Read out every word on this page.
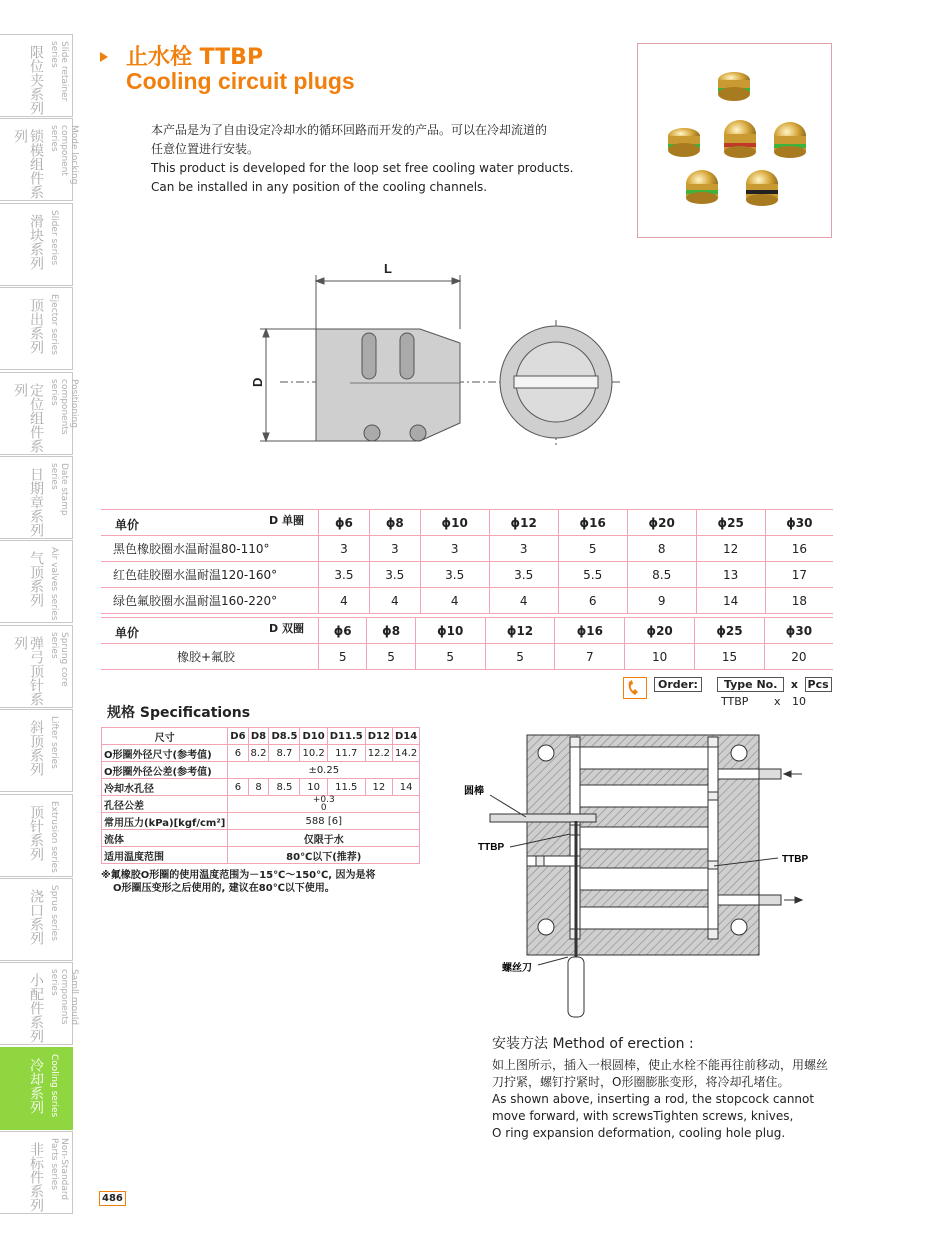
限位夹系列	Slide retainer series
锁模组件系列	Mode locking
component series
滑块系列 Slider series
顶出系列 Ejector series
定位组件系列	Positioning
components series
日期章系列	Date stamp series
气顶系列 Air valves series
弹弓顶针系列	Sprung core series
斜顶系列 Lifter series
顶针系列 Extrusion series
浇口系列 Sprue series
小配件系列	Samll mould
components series
冷却系列 Cooling series
非标件系列	Non-Standard
Parts series
止水栓 TTBP
Cooling circuit plugs
本产品是为了自由设定冷却水的循环回路而开发的产品。可以在冷却流道的
任意位置进行安装。
This product is developed for the loop set free cooling water products.
Can be installed in any position of the cooling channels.
L
D
单价 D 单圈	ϕ6	ϕ8	ϕ10	ϕ12	ϕ16	ϕ20	ϕ25	ϕ30
黑色橡胶圈水温耐温80-110°	3	3	3	3	5	8	12	16
红色硅胶圈水温耐温120-160°	3.5	3.5	3.5	3.5	5.5	8.5	13	17
绿色氟胶圈水温耐温160-220°	4	4	4	4	6	9	14	18
单价 D 双圈	ϕ6	ϕ8	ϕ10	ϕ12	ϕ16	ϕ20	ϕ25	ϕ30
橡胶+氟胶	5	5	5	5	7	10	15	20
Order: Type No. x Pcs
TTBP x 10
规格 Specifications
尺寸	D6	D8	D8.5	D10	D11.5	D12	D14
O形圈外径尺寸(参考值)	6	8.2	8.7	10.2	11.7	12.2	14.2
O形圈外径公差(参考值)	±0.25						
冷却水孔径	6	8	8.5	10	11.5	12	14
孔径公差	+0.3
0						
常用压力(kPa)[kgf/cm²]	588 [6]						
流体	仅限于水						
适用温度范围	80℃以下(推荐)						
※氟橡胶O形圈的使用温度范围为－15℃～150℃, 因为是将
O形圈压变形之后使用的, 建议在80℃以下使用。
圆棒
TTBP
TTBP
螺丝刀
安装方法 Method of erection :
如上图所示，插入一根圆棒，使止水栓不能再往前移动，用螺丝
刀拧紧，螺钉拧紧时，O形圈膨胀变形，将冷却孔堵住。
As shown above, inserting a rod, the stopcock cannot
move forward, with screwsTighten screws, knives,
O ring expansion deformation, cooling hole plug.
486
